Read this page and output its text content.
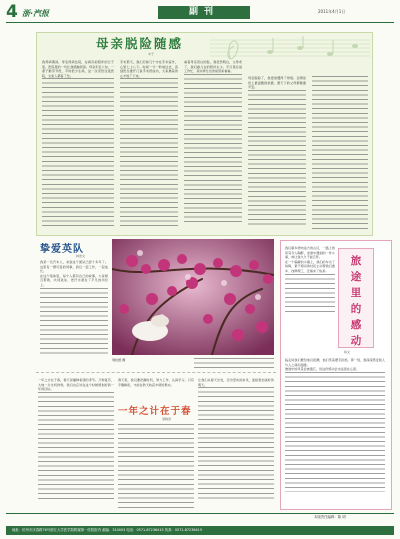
4 浙·汽报	副刊	2011年4月1日
母亲脱险随感
木子

我养病期间，母亲得病住院，在病床前陪伴的日子里，医院里的一切让我感触很深。母亲年近八旬，一辈子勤劳节俭，平时很少生病，这一次突然住进医院，全家人都着了急。

手术那天，我们兄妹几个守在手术室外，心里七上八下。时间一分一秒地过去，直到医生推开门说手术很成功，大家悬着的心才放了下来。

看着母亲苍白的脸，我忽然明白，父母老了，我们做儿女的陪伴太少。平日里总说工作忙，其实再忙也该常回家看看。

母亲脱险了，我更加懂得了珍惜。亲情是世上最温暖的依靠，愿天下的父母都健康平安。

挚爱英队
林浩文

我是一名汽车人，来到这个团队已经十多年了。这里有一群可爱的同事，我们一起工作，一起成长。

在这个集体里，每个人都有自己的故事，大家相互帮助，共同进步，把汗水洒在了平凡的岗位上。

旅
途
里
的
感
动
杨文

我们驱车驶向远方的山区，一路上的风景令人陶醉，而途中遇到的一件小事，却让我久久不能忘怀。

在一个偏僻的小镇上，我们的车出了故障，素不相识的村民主动帮我们推车、找修理工，还端来了热茶。

临走时我们要给他们报酬，他们笑着摆手拒绝。那一刻，我深深感受到人与人之间的温暖。

旅途中的风景会被遗忘，但这份感动会永远留在心里。

周松根 摄
一年之计在于春
蔡晓君

一年之计在于春，春天是播种希望的季节。万物复苏，大地一片生机勃勃，我们也应该在这个时候规划好新一年的目标。

春天里，我们要把握时机，努力工作，认真学习。只有辛勤耕耘，才能在秋天收获丰硕的果实。

让我们从春天出发，迈出坚实的步伐，迎接更加美好的明天。

本版责任编辑：陈 明
地址：杭州市庆春路76号浙江大学医学院附属第一医院院内 邮编：310003 电话：0571-87236415 传真：0571-87236415
